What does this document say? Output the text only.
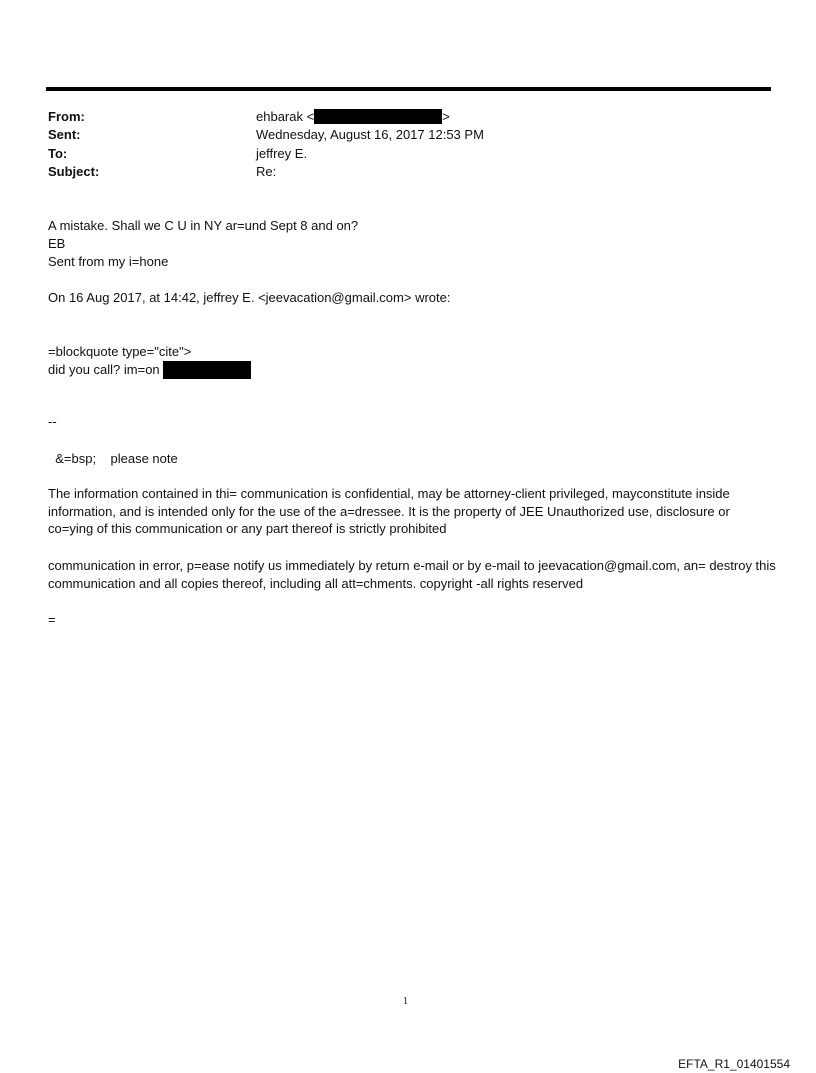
From:	ehbarak <	>
Sent:	Wednesday, August 16, 2017 12:53 PM
To:	jeffrey E.
Subject:	Re:
A mistake. Shall we C U in NY ar=und Sept 8 and on?
EB
Sent from my i=hone
On 16 Aug 2017, at 14:42, jeffrey E. <jeevacation@gmail.com> wrote:
=blockquote type="cite">
did you call? im=on
--
&=bsp;    please note
The information contained in thi= communication is confidential, may be attorney-client privileged, mayconstitute inside information, and is intended only for the use of the a=dressee. It is the property of JEE Unauthorized use, disclosure or co=ying of this communication or any part thereof is strictly prohibited
communication in error, p=ease notify us immediately by return e-mail or by e-mail to jeevacation@gmail.com, an= destroy this communication and all copies thereof, including all att=chments. copyright -all rights reserved
=
1
EFTA_R1_01401554
